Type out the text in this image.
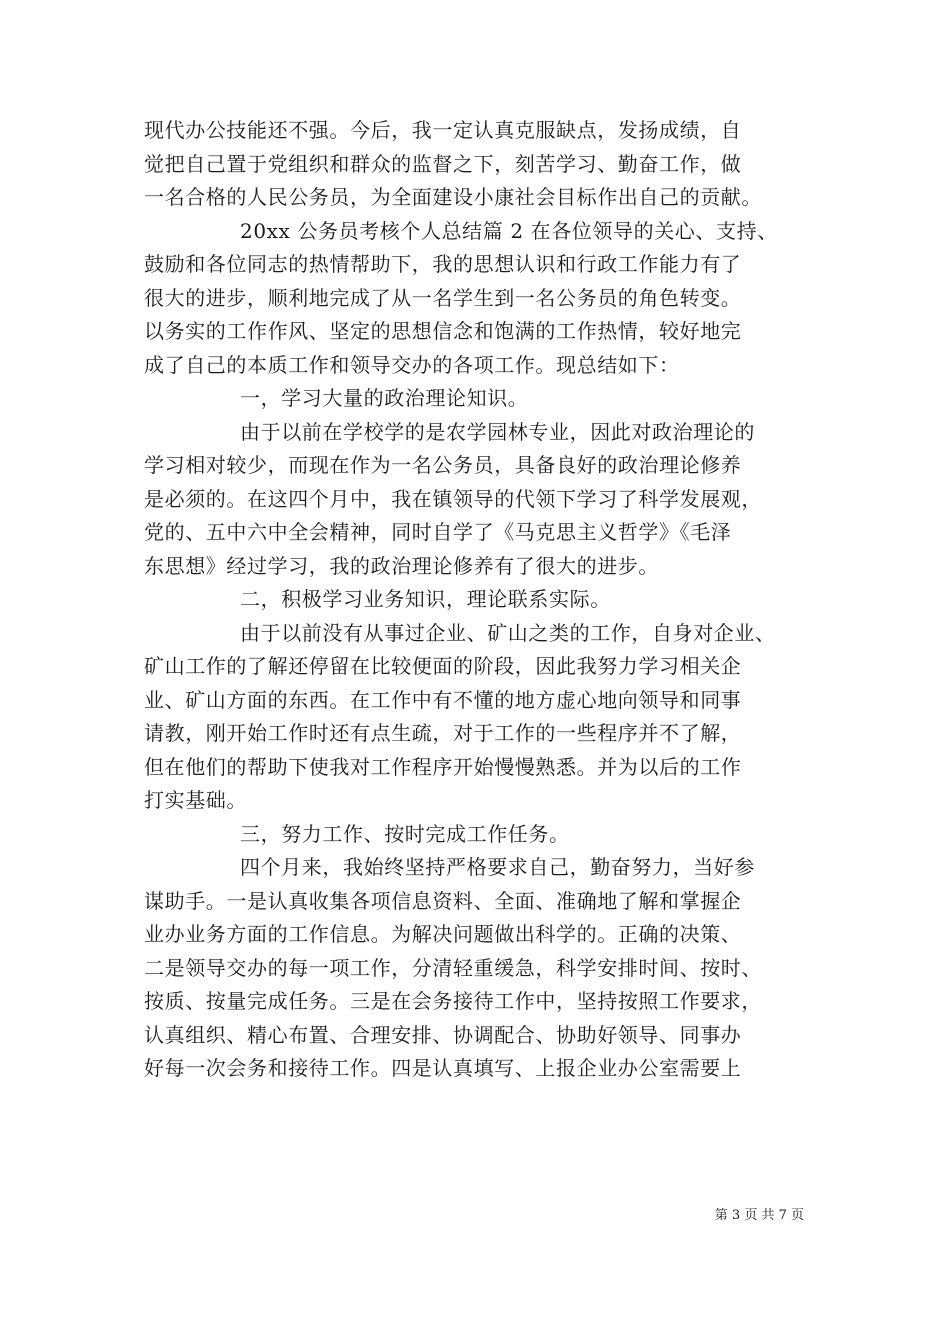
现代办公技能还不强。今后，我一定认真克服缺点，发扬成绩，自
觉把自己置于党组织和群众的监督之下，刻苦学习、勤奋工作，做
一名合格的人民公务员，为全面建设小康社会目标作出自己的贡献。
20xx 公务员考核个人总结篇 2 在各位领导的关心、支持、
鼓励和各位同志的热情帮助下，我的思想认识和行政工作能力有了
很大的进步，顺利地完成了从一名学生到一名公务员的角色转变。
以务实的工作作风、坚定的思想信念和饱满的工作热情，较好地完
成了自己的本质工作和领导交办的各项工作。现总结如下：
一，学习大量的政治理论知识。
由于以前在学校学的是农学园林专业，因此对政治理论的
学习相对较少，而现在作为一名公务员，具备良好的政治理论修养
是必须的。在这四个月中，我在镇领导的代领下学习了科学发展观，
党的、五中六中全会精神，同时自学了《马克思主义哲学》《毛泽
东思想》经过学习，我的政治理论修养有了很大的进步。
二，积极学习业务知识，理论联系实际。
由于以前没有从事过企业、矿山之类的工作，自身对企业、
矿山工作的了解还停留在比较便面的阶段，因此我努力学习相关企
业、矿山方面的东西。在工作中有不懂的地方虚心地向领导和同事
请教，刚开始工作时还有点生疏，对于工作的一些程序并不了解，
但在他们的帮助下使我对工作程序开始慢慢熟悉。并为以后的工作
打实基础。
三，努力工作、按时完成工作任务。
四个月来，我始终坚持严格要求自己，勤奋努力，当好参
谋助手。一是认真收集各项信息资料、全面、准确地了解和掌握企
业办业务方面的工作信息。为解决问题做出科学的。正确的决策、
二是领导交办的每一项工作，分清轻重缓急，科学安排时间、按时、
按质、按量完成任务。三是在会务接待工作中，坚持按照工作要求，
认真组织、精心布置、合理安排、协调配合、协助好领导、同事办
好每一次会务和接待工作。四是认真填写、上报企业办公室需要上
第 3 页 共 7 页
